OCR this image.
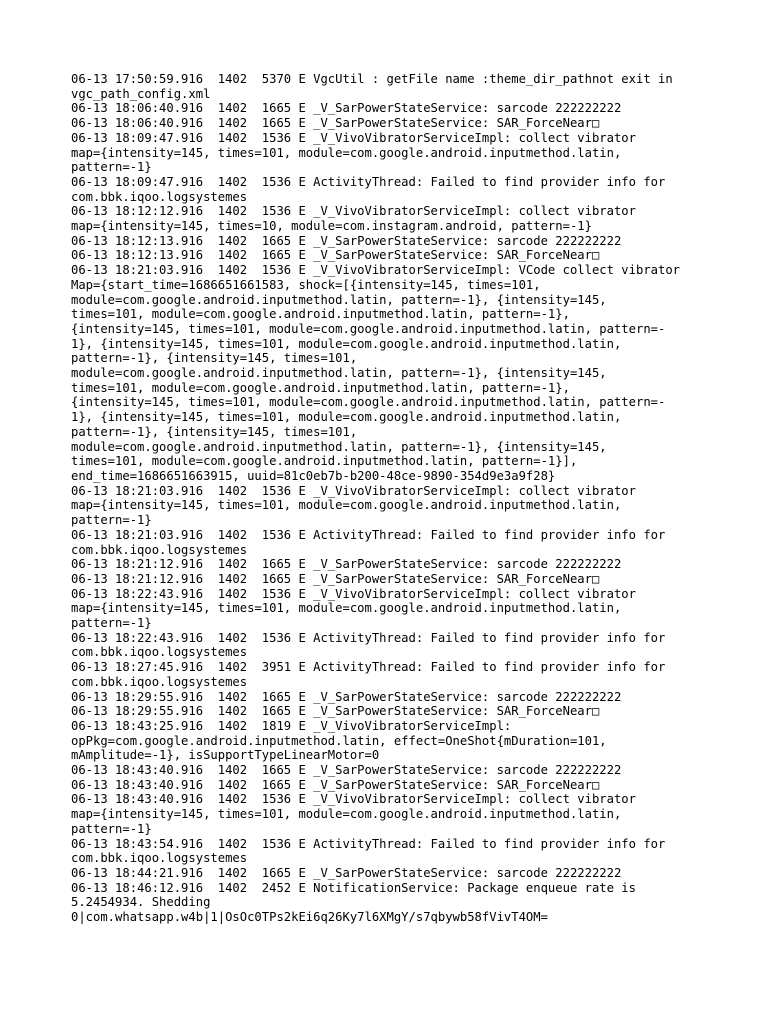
06-13 17:50:59.916  1402  5370 E VgcUtil : getFile name :theme_dir_pathnot exit in
vgc_path_config.xml
06-13 18:06:40.916  1402  1665 E _V_SarPowerStateService: sarcode 222222222
06-13 18:06:40.916  1402  1665 E _V_SarPowerStateService: SAR_ForceNear□
06-13 18:09:47.916  1402  1536 E _V_VivoVibratorServiceImpl: collect vibrator
map={intensity=145, times=101, module=com.google.android.inputmethod.latin,
pattern=-1}
06-13 18:09:47.916  1402  1536 E ActivityThread: Failed to find provider info for
com.bbk.iqoo.logsystemes
06-13 18:12:12.916  1402  1536 E _V_VivoVibratorServiceImpl: collect vibrator
map={intensity=145, times=10, module=com.instagram.android, pattern=-1}
06-13 18:12:13.916  1402  1665 E _V_SarPowerStateService: sarcode 222222222
06-13 18:12:13.916  1402  1665 E _V_SarPowerStateService: SAR_ForceNear□
06-13 18:21:03.916  1402  1536 E _V_VivoVibratorServiceImpl: VCode collect vibrator
Map={start_time=1686651661583, shock=[{intensity=145, times=101,
module=com.google.android.inputmethod.latin, pattern=-1}, {intensity=145,
times=101, module=com.google.android.inputmethod.latin, pattern=-1},
{intensity=145, times=101, module=com.google.android.inputmethod.latin, pattern=-
1}, {intensity=145, times=101, module=com.google.android.inputmethod.latin,
pattern=-1}, {intensity=145, times=101,
module=com.google.android.inputmethod.latin, pattern=-1}, {intensity=145,
times=101, module=com.google.android.inputmethod.latin, pattern=-1},
{intensity=145, times=101, module=com.google.android.inputmethod.latin, pattern=-
1}, {intensity=145, times=101, module=com.google.android.inputmethod.latin,
pattern=-1}, {intensity=145, times=101,
module=com.google.android.inputmethod.latin, pattern=-1}, {intensity=145,
times=101, module=com.google.android.inputmethod.latin, pattern=-1}],
end_time=1686651663915, uuid=81c0eb7b-b200-48ce-9890-354d9e3a9f28}
06-13 18:21:03.916  1402  1536 E _V_VivoVibratorServiceImpl: collect vibrator
map={intensity=145, times=101, module=com.google.android.inputmethod.latin,
pattern=-1}
06-13 18:21:03.916  1402  1536 E ActivityThread: Failed to find provider info for
com.bbk.iqoo.logsystemes
06-13 18:21:12.916  1402  1665 E _V_SarPowerStateService: sarcode 222222222
06-13 18:21:12.916  1402  1665 E _V_SarPowerStateService: SAR_ForceNear□
06-13 18:22:43.916  1402  1536 E _V_VivoVibratorServiceImpl: collect vibrator
map={intensity=145, times=101, module=com.google.android.inputmethod.latin,
pattern=-1}
06-13 18:22:43.916  1402  1536 E ActivityThread: Failed to find provider info for
com.bbk.iqoo.logsystemes
06-13 18:27:45.916  1402  3951 E ActivityThread: Failed to find provider info for
com.bbk.iqoo.logsystemes
06-13 18:29:55.916  1402  1665 E _V_SarPowerStateService: sarcode 222222222
06-13 18:29:55.916  1402  1665 E _V_SarPowerStateService: SAR_ForceNear□
06-13 18:43:25.916  1402  1819 E _V_VivoVibratorServiceImpl:
opPkg=com.google.android.inputmethod.latin, effect=OneShot{mDuration=101,
mAmplitude=-1}, isSupportTypeLinearMotor=0
06-13 18:43:40.916  1402  1665 E _V_SarPowerStateService: sarcode 222222222
06-13 18:43:40.916  1402  1665 E _V_SarPowerStateService: SAR_ForceNear□
06-13 18:43:40.916  1402  1536 E _V_VivoVibratorServiceImpl: collect vibrator
map={intensity=145, times=101, module=com.google.android.inputmethod.latin,
pattern=-1}
06-13 18:43:54.916  1402  1536 E ActivityThread: Failed to find provider info for
com.bbk.iqoo.logsystemes
06-13 18:44:21.916  1402  1665 E _V_SarPowerStateService: sarcode 222222222
06-13 18:46:12.916  1402  2452 E NotificationService: Package enqueue rate is
5.2454934. Shedding
0|com.whatsapp.w4b|1|OsOc0TPs2kEi6q26Ky7l6XMgY/s7qbywb58fVivT4OM=
